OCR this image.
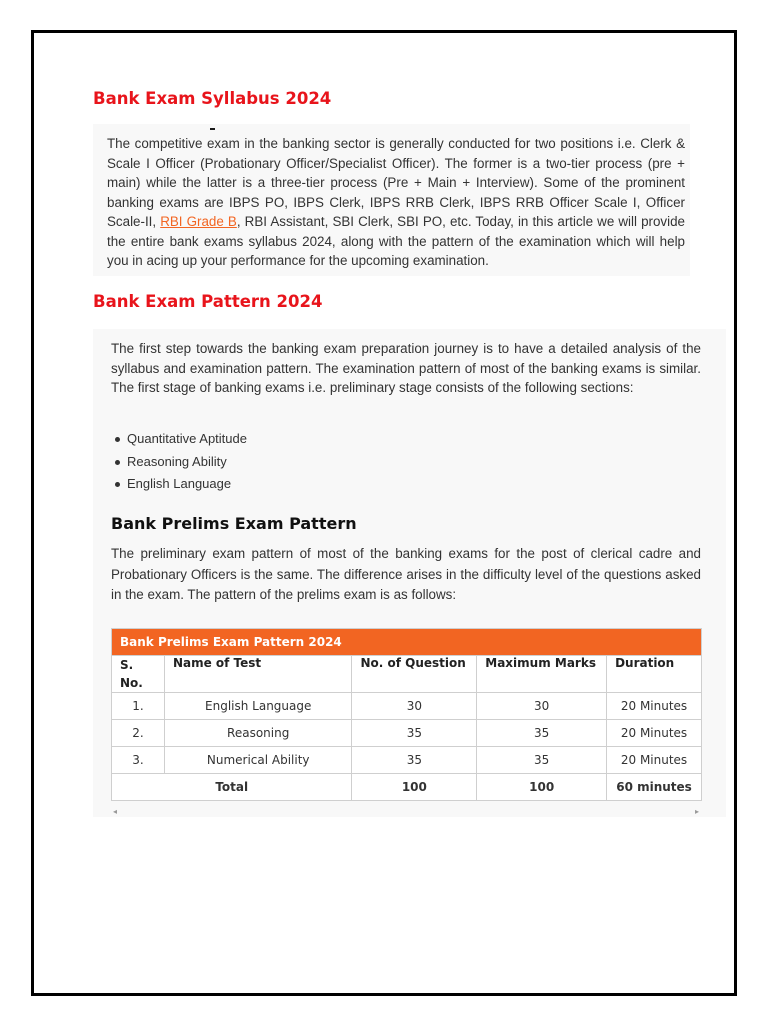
Bank Exam Syllabus 2024

The competitive exam in the banking sector is generally conducted for two positions i.e. Clerk & Scale I Officer (Probationary Officer/Specialist Officer). The former is a two-tier process (pre + main) while the latter is a three-tier process (Pre + Main + Interview). Some of the prominent banking exams are IBPS PO, IBPS Clerk, IBPS RRB Clerk, IBPS RRB Officer Scale I, Officer Scale-II, RBI Grade B, RBI Assistant, SBI Clerk, SBI PO, etc. Today, in this article we will provide the entire bank exams syllabus 2024, along with the pattern of the examination which will help you in acing up your performance for the upcoming examination.

Bank Exam Pattern 2024

The first step towards the banking exam preparation journey is to have a detailed analysis of the syllabus and examination pattern. The examination pattern of most of the banking exams is similar. The first stage of banking exams i.e. preliminary stage consists of the following sections:

Quantitative Aptitude
Reasoning Ability
English Language
Bank Prelims Exam Pattern

The preliminary exam pattern of most of the banking exams for the post of clerical cadre and Probationary Officers is the same. The difference arises in the difficulty level of the questions asked in the exam. The pattern of the prelims exam is as follows:

Bank Prelims Exam Pattern 2024				
S. No.	Name of Test	No. of Question	Maximum Marks	Duration
1.	English Language	30	30	20 Minutes
2.	Reasoning	35	35	20 Minutes
3.	Numerical Ability	35	35	20 Minutes
Total		100	100	60 minutes
◂	▸
